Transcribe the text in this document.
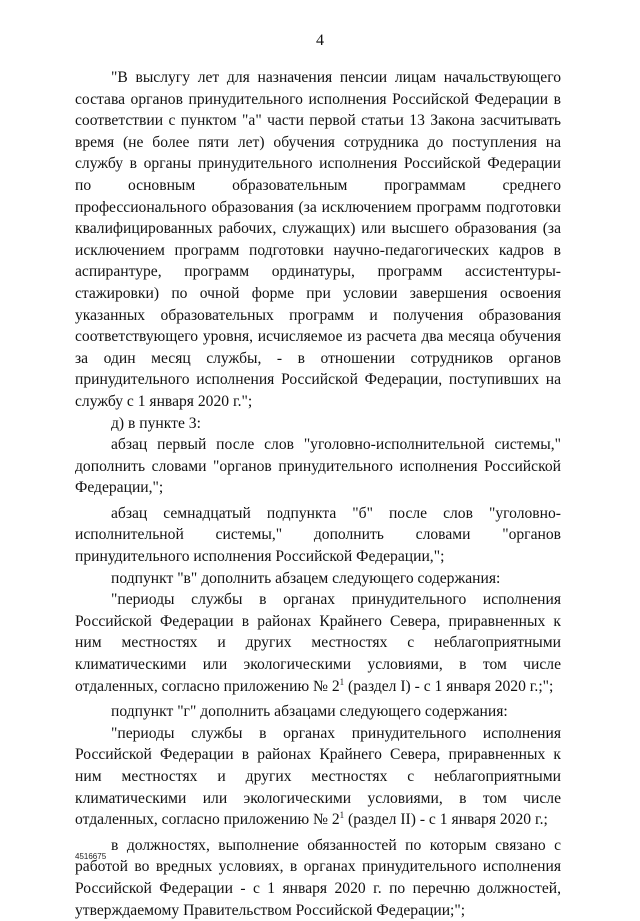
4

"В выслугу лет для назначения пенсии лицам начальствующего состава органов принудительного исполнения Российской Федерации в соответствии с пунктом "а" части первой статьи 13 Закона засчитывать время (не более пяти лет) обучения сотрудника до поступления на службу в органы принудительного исполнения Российской Федерации по основным образовательным программам среднего профессионального образования (за исключением программ подготовки квалифицированных рабочих, служащих) или высшего образования (за исключением программ подготовки научно-педагогических кадров в аспирантуре, программ ординатуры, программ ассистентуры-стажировки) по очной форме при условии завершения освоения указанных образовательных программ и получения образования соответствующего уровня, исчисляемое из расчета два месяца обучения за один месяц службы, - в отношении сотрудников органов принудительного исполнения Российской Федерации, поступивших на службу с 1 января 2020 г.";

д) в пункте 3:

абзац первый после слов "уголовно-исполнительной системы," дополнить словами "органов принудительного исполнения Российской Федерации,";

абзац семнадцатый подпункта "б" после слов "уголовно-исполнительной системы," дополнить словами "органов принудительного исполнения Российской Федерации,";

подпункт "в" дополнить абзацем следующего содержания:

"периоды службы в органах принудительного исполнения Российской Федерации в районах Крайнего Севера, приравненных к ним местностях и других местностях с неблагоприятными климатическими или экологическими условиями, в том числе отдаленных, согласно приложению № $2^1$ (раздел I) - с 1 января 2020 г.;";

подпункт "г" дополнить абзацами следующего содержания:

"периоды службы в органах принудительного исполнения Российской Федерации в районах Крайнего Севера, приравненных к ним местностях и других местностях с неблагоприятными климатическими или экологическими условиями, в том числе отдаленных, согласно приложению № $2^1$ (раздел II) - с 1 января 2020 г.;

в должностях, выполнение обязанностей по которым связано с работой во вредных условиях, в органах принудительного исполнения Российской Федерации - с 1 января 2020 г. по перечню должностей, утверждаемому Правительством Российской Федерации;";

4516675
